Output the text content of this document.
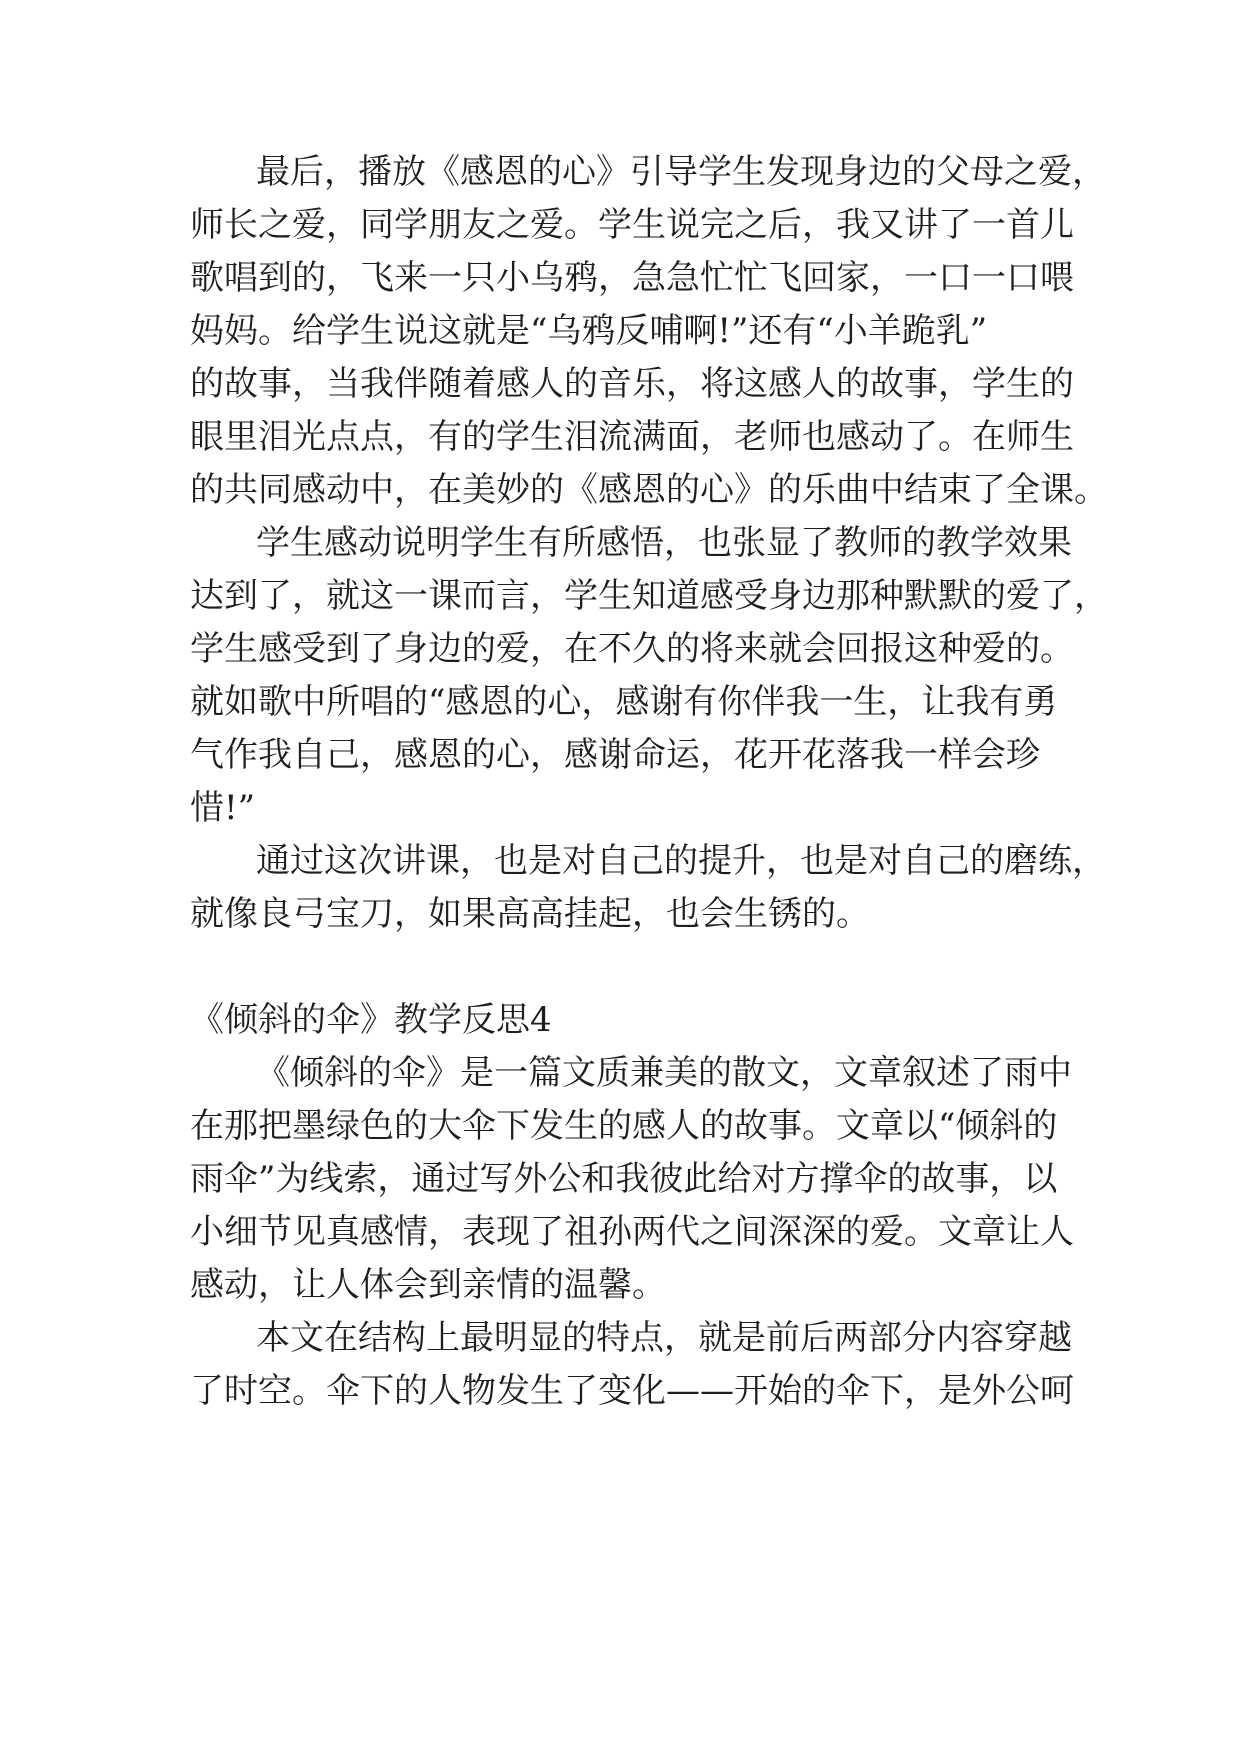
最后，播放《感恩的心》引导学生发现身边的父母之爱，
师长之爱，同学朋友之爱。学生说完之后，我又讲了一首儿
歌唱到的，飞来一只小乌鸦，急急忙忙飞回家，一口一口喂
妈妈。给学生说这就是“乌鸦反哺啊!”还有“小羊跪乳”
的故事，当我伴随着感人的音乐，将这感人的故事，学生的
眼里泪光点点，有的学生泪流满面，老师也感动了。在师生
的共同感动中，在美妙的《感恩的心》的乐曲中结束了全课。
学生感动说明学生有所感悟，也张显了教师的教学效果
达到了，就这一课而言，学生知道感受身边那种默默的爱了，
学生感受到了身边的爱，在不久的将来就会回报这种爱的。
就如歌中所唱的“感恩的心，感谢有你伴我一生，让我有勇
气作我自己，感恩的心，感谢命运，花开花落我一样会珍
惜!”
通过这次讲课，也是对自己的提升，也是对自己的磨练，
就像良弓宝刀，如果高高挂起，也会生锈的。
《倾斜的伞》教学反思4
《倾斜的伞》是一篇文质兼美的散文，文章叙述了雨中
在那把墨绿色的大伞下发生的感人的故事。文章以“倾斜的
雨伞”为线索，通过写外公和我彼此给对方撑伞的故事，以
小细节见真感情，表现了祖孙两代之间深深的爱。文章让人
感动，让人体会到亲情的温馨。
本文在结构上最明显的特点，就是前后两部分内容穿越
了时空。伞下的人物发生了变化——开始的伞下，是外公呵
